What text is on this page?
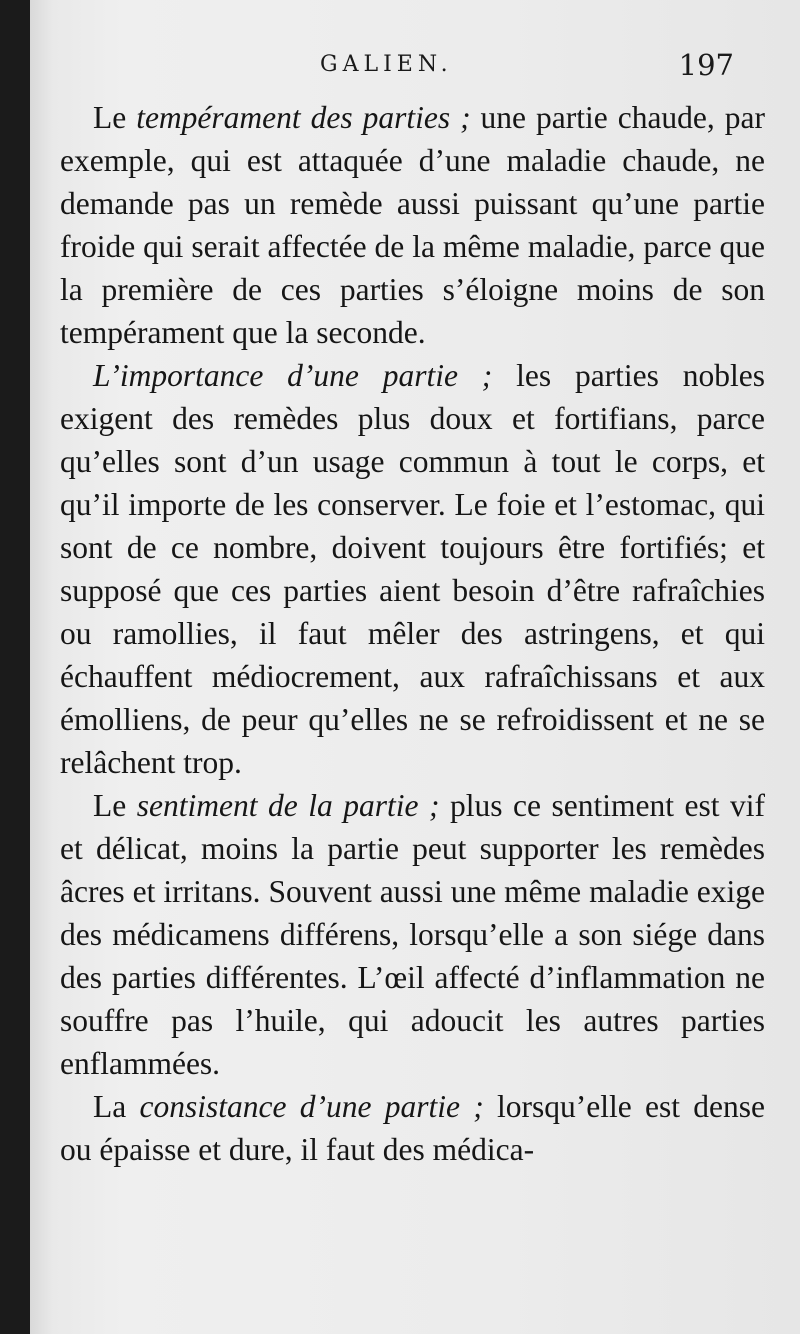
GALIEN.	197

Le tempérament des parties ; une partie chaude, par exemple, qui est attaquée d’une maladie chaude, ne demande pas un remède aussi puissant qu’une partie froide qui serait affectée de la même maladie, parce que la première de ces parties s’éloigne moins de son tempérament que la seconde.

L’importance d’une partie ; les parties nobles exigent des remèdes plus doux et fortifians, parce qu’elles sont d’un usage commun à tout le corps, et qu’il importe de les conserver. Le foie et l’estomac, qui sont de ce nombre, doivent toujours être fortifiés; et supposé que ces parties aient besoin d’être rafraîchies ou ramollies, il faut mêler des astringens, et qui échauffent médiocrement, aux rafraîchissans et aux émolliens, de peur qu’elles ne se refroidissent et ne se relâchent trop.

Le sentiment de la partie ; plus ce sentiment est vif et délicat, moins la partie peut supporter les remèdes âcres et irritans. Souvent aussi une même maladie exige des médicamens différens, lorsqu’elle a son siége dans des parties différentes. L’œil affecté d’inflammation ne souffre pas l’huile, qui adoucit les autres parties enflammées.

La consistance d’une partie ; lorsqu’elle est dense ou épaisse et dure, il faut des médica-
